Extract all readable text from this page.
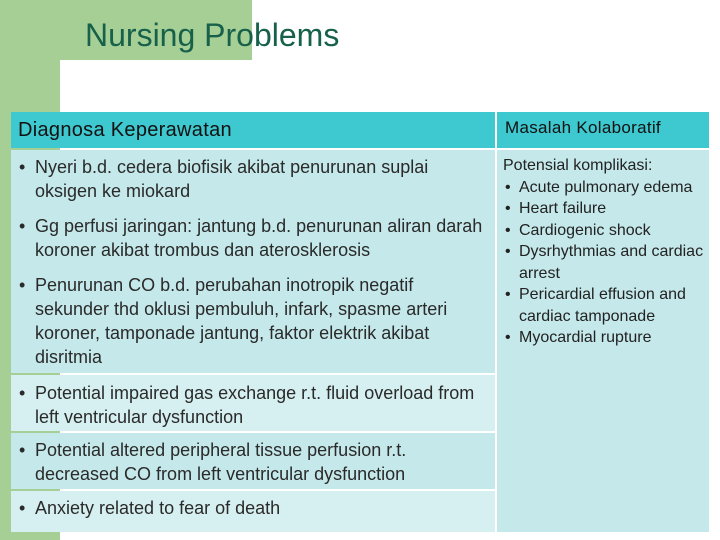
Nursing Problems
Diagnosa Keperawatan
• Nyeri b.d. cedera biofisik akibat penurunan suplai oksigen ke miokard
• Gg perfusi jaringan: jantung b.d. penurunan aliran darah koroner akibat trombus dan aterosklerosis
• Penurunan CO b.d. perubahan inotropik negatif sekunder thd oklusi pembuluh, infark, spasme arteri koroner, tamponade jantung, faktor elektrik akibat disritmia
• Potential impaired gas exchange r.t. fluid overload from left ventricular dysfunction
• Potential altered peripheral tissue perfusion r.t. decreased CO from left ventricular dysfunction
• Anxiety related to fear of death
Masalah Kolaboratif
Potensial komplikasi:
• Acute pulmonary edema
• Heart failure
• Cardiogenic shock
• Dysrhythmias and cardiac arrest
• Pericardial effusion and cardiac tamponade
• Myocardial rupture
